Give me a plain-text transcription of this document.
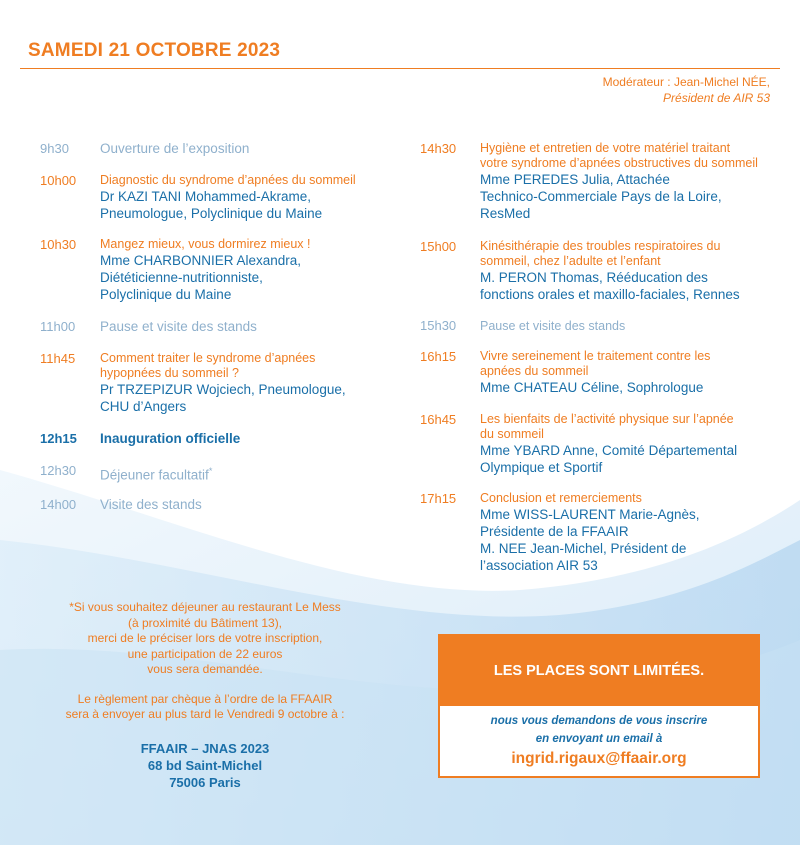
SAMEDI 21 OCTOBRE 2023
Modérateur : Jean-Michel NÉE,
Président de AIR 53
9h30	Ouverture de l’exposition
10h00	Diagnostic du syndrome d’apnées du sommeil
Dr KAZI TANI Mohammed-Akrame,
Pneumologue, Polyclinique du Maine
10h30	Mangez mieux, vous dormirez mieux !
Mme CHARBONNIER Alexandra,
Diététicienne-nutritionniste,
Polyclinique du Maine
11h00	Pause et visite des stands
11h45	Comment traiter le syndrome d’apnées
hypopnées du sommeil ?
Pr TRZEPIZUR Wojciech, Pneumologue,
CHU d’Angers
12h15	Inauguration officielle
12h30	Déjeuner facultatif*
14h00	Visite des stands
14h30	Hygiène et entretien de votre matériel traitant
votre syndrome d’apnées obstructives du sommeil
Mme PEREDES Julia, Attachée
Technico-Commerciale Pays de la Loire,
ResMed
15h00	Kinésithérapie des troubles respiratoires du
sommeil, chez l’adulte et l’enfant
M. PERON Thomas, Rééducation des
fonctions orales et maxillo-faciales, Rennes
15h30	Pause et visite des stands
16h15	Vivre sereinement le traitement contre les
apnées du sommeil
Mme CHATEAU Céline, Sophrologue
16h45	Les bienfaits de l’activité physique sur l’apnée
du sommeil
Mme YBARD Anne, Comité Départemental
Olympique et Sportif
17h15	Conclusion et remerciements
Mme WISS-LAURENT Marie-Agnès,
Présidente de la FFAAIR
M. NEE Jean-Michel, Président de
l’association AIR 53

*Si vous souhaitez déjeuner au restaurant Le Mess

(à proximité du Bâtiment 13),

merci de le préciser lors de votre inscription,

une participation de 22 euros

vous sera demandée.

Le règlement par chèque à l’ordre de la FFAAIR

sera à envoyer au plus tard le Vendredi 9 octobre à :

FFAAIR – JNAS 2023
68 bd Saint-Michel
75006 Paris
LES PLACES SONT LIMITÉES.
nous vous demandons de vous inscrire
en envoyant un email à
ingrid.rigaux@ffaair.org
